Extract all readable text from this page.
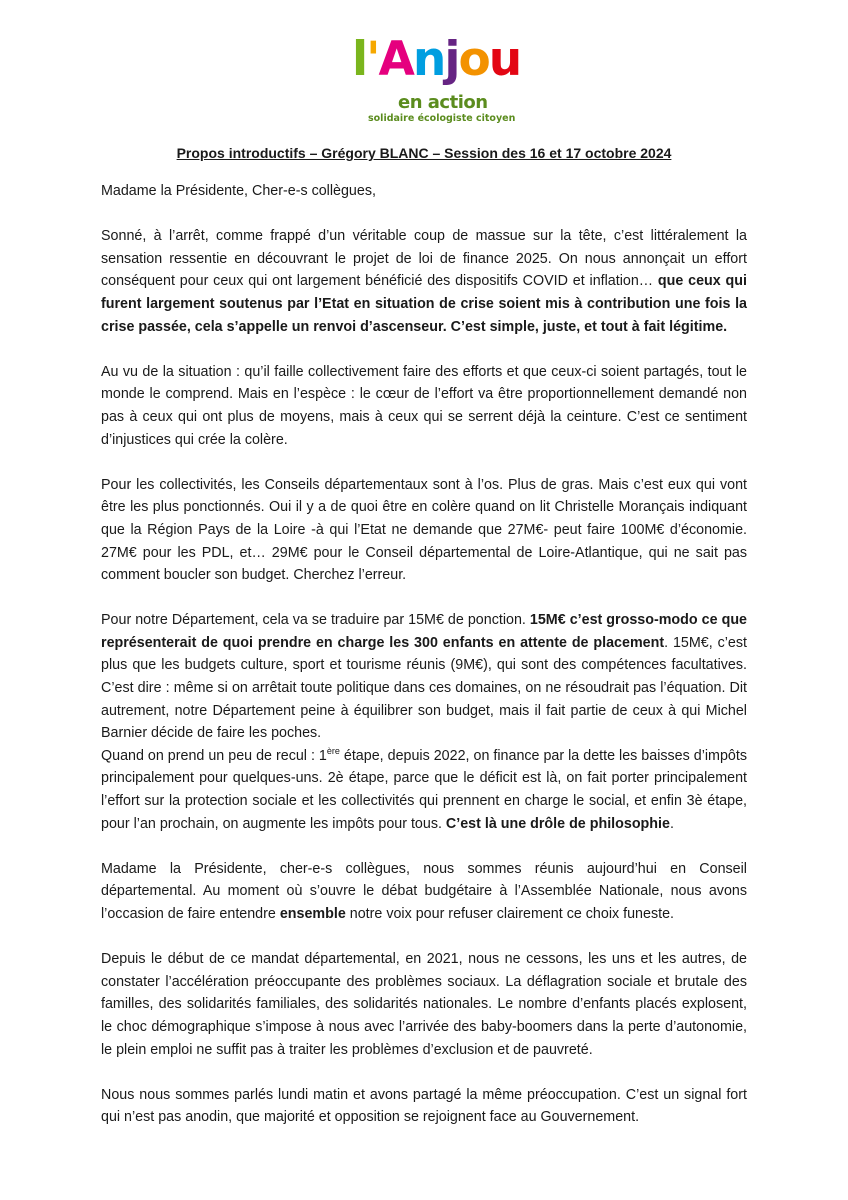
l'Anjou
en action
solidaire écologiste citoyen
Propos introductifs – Grégory BLANC – Session des 16 et 17 octobre 2024

Madame la Présidente, Cher-e-s collègues,

Sonné, à l’arrêt, comme frappé d’un véritable coup de massue sur la tête, c’est littéralement la sensation ressentie en découvrant le projet de loi de finance 2025. On nous annonçait un effort conséquent pour ceux qui ont largement bénéficié des dispositifs COVID et inflation… que ceux qui furent largement soutenus par l’Etat en situation de crise soient mis à contribution une fois la crise passée, cela s’appelle un renvoi d’ascenseur. C’est simple, juste, et tout à fait légitime.

Au vu de la situation : qu’il faille collectivement faire des efforts et que ceux-ci soient partagés, tout le monde le comprend. Mais en l’espèce : le cœur de l’effort va être proportionnellement demandé non pas à ceux qui ont plus de moyens, mais à ceux qui se serrent déjà la ceinture. C’est ce sentiment d’injustices qui crée la colère.

Pour les collectivités, les Conseils départementaux sont à l’os. Plus de gras. Mais c’est eux qui vont être les plus ponctionnés. Oui il y a de quoi être en colère quand on lit Christelle Morançais indiquant que la Région Pays de la Loire -à qui l’Etat ne demande que 27M€- peut faire 100M€ d’économie. 27M€ pour les PDL, et… 29M€ pour le Conseil départemental de Loire-Atlantique, qui ne sait pas comment boucler son budget. Cherchez l’erreur.

Pour notre Département, cela va se traduire par 15M€ de ponction. 15M€ c’est grosso-modo ce que représenterait de quoi prendre en charge les 300 enfants en attente de placement. 15M€, c’est plus que les budgets culture, sport et tourisme réunis (9M€), qui sont des compétences facultatives. C’est dire : même si on arrêtait toute politique dans ces domaines, on ne résoudrait pas l’équation. Dit autrement, notre Département peine à équilibrer son budget, mais il fait partie de ceux à qui Michel Barnier décide de faire les poches.

Quand on prend un peu de recul : 1ère étape, depuis 2022, on finance par la dette les baisses d’impôts principalement pour quelques-uns. 2è étape, parce que le déficit est là, on fait porter principalement l’effort sur la protection sociale et les collectivités qui prennent en charge le social, et enfin 3è étape, pour l’an prochain, on augmente les impôts pour tous. C’est là une drôle de philosophie.

Madame la Présidente, cher-e-s collègues, nous sommes réunis aujourd’hui en Conseil départemental. Au moment où s’ouvre le débat budgétaire à l’Assemblée Nationale, nous avons l’occasion de faire entendre ensemble notre voix pour refuser clairement ce choix funeste.

Depuis le début de ce mandat départemental, en 2021, nous ne cessons, les uns et les autres, de constater l’accélération préoccupante des problèmes sociaux. La déflagration sociale et brutale des familles, des solidarités familiales, des solidarités nationales. Le nombre d’enfants placés explosent, le choc démographique s’impose à nous avec l’arrivée des baby-boomers dans la perte d’autonomie, le plein emploi ne suffit pas à traiter les problèmes d’exclusion et de pauvreté.

Nous nous sommes parlés lundi matin et avons partagé la même préoccupation. C’est un signal fort qui n’est pas anodin, que majorité et opposition se rejoignent face au Gouvernement.
